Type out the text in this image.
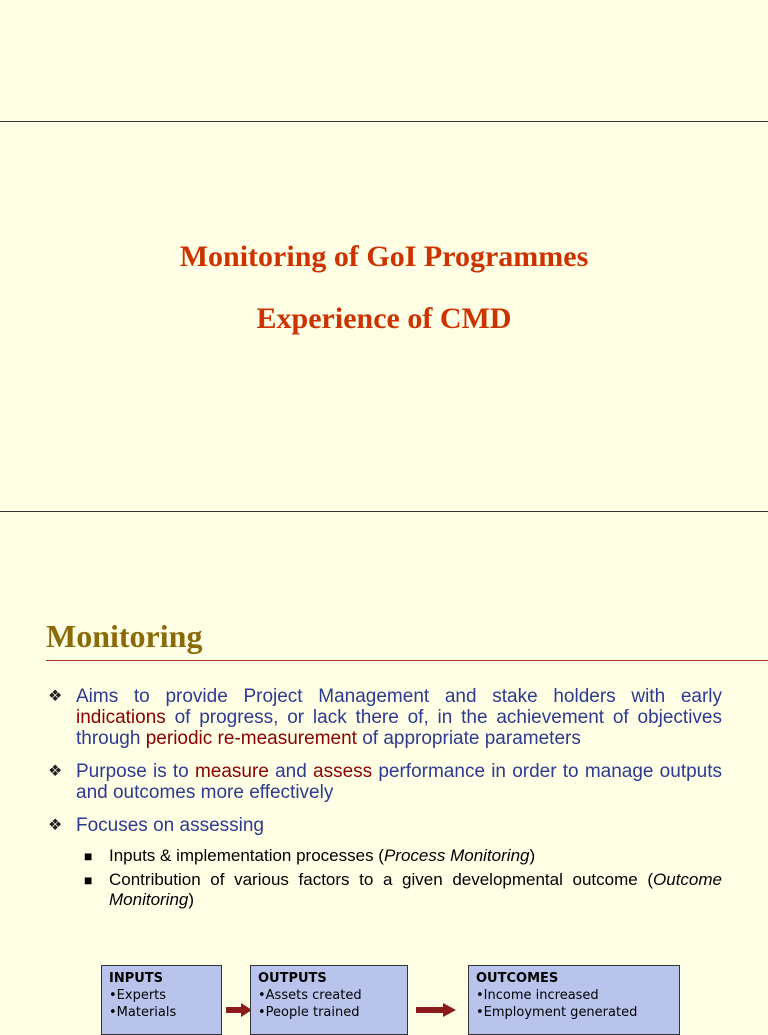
Monitoring of GoI Programmes
Experience of CMD
Monitoring
❖ Aims to provide Project Management and stake holders with early indications of progress, or lack there of, in the achievement of objectives through periodic re-measurement of appropriate parameters
❖ Purpose is to measure and assess performance in order to manage outputs and outcomes more effectively
❖ Focuses on assessing
■ Inputs & implementation processes (Process Monitoring)
■ Contribution of various factors to a given developmental outcome (Outcome Monitoring)
INPUTS
•Experts
•Materials
OUTPUTS
•Assets created
•People trained
OUTCOMES
•Income increased
•Employment generated
